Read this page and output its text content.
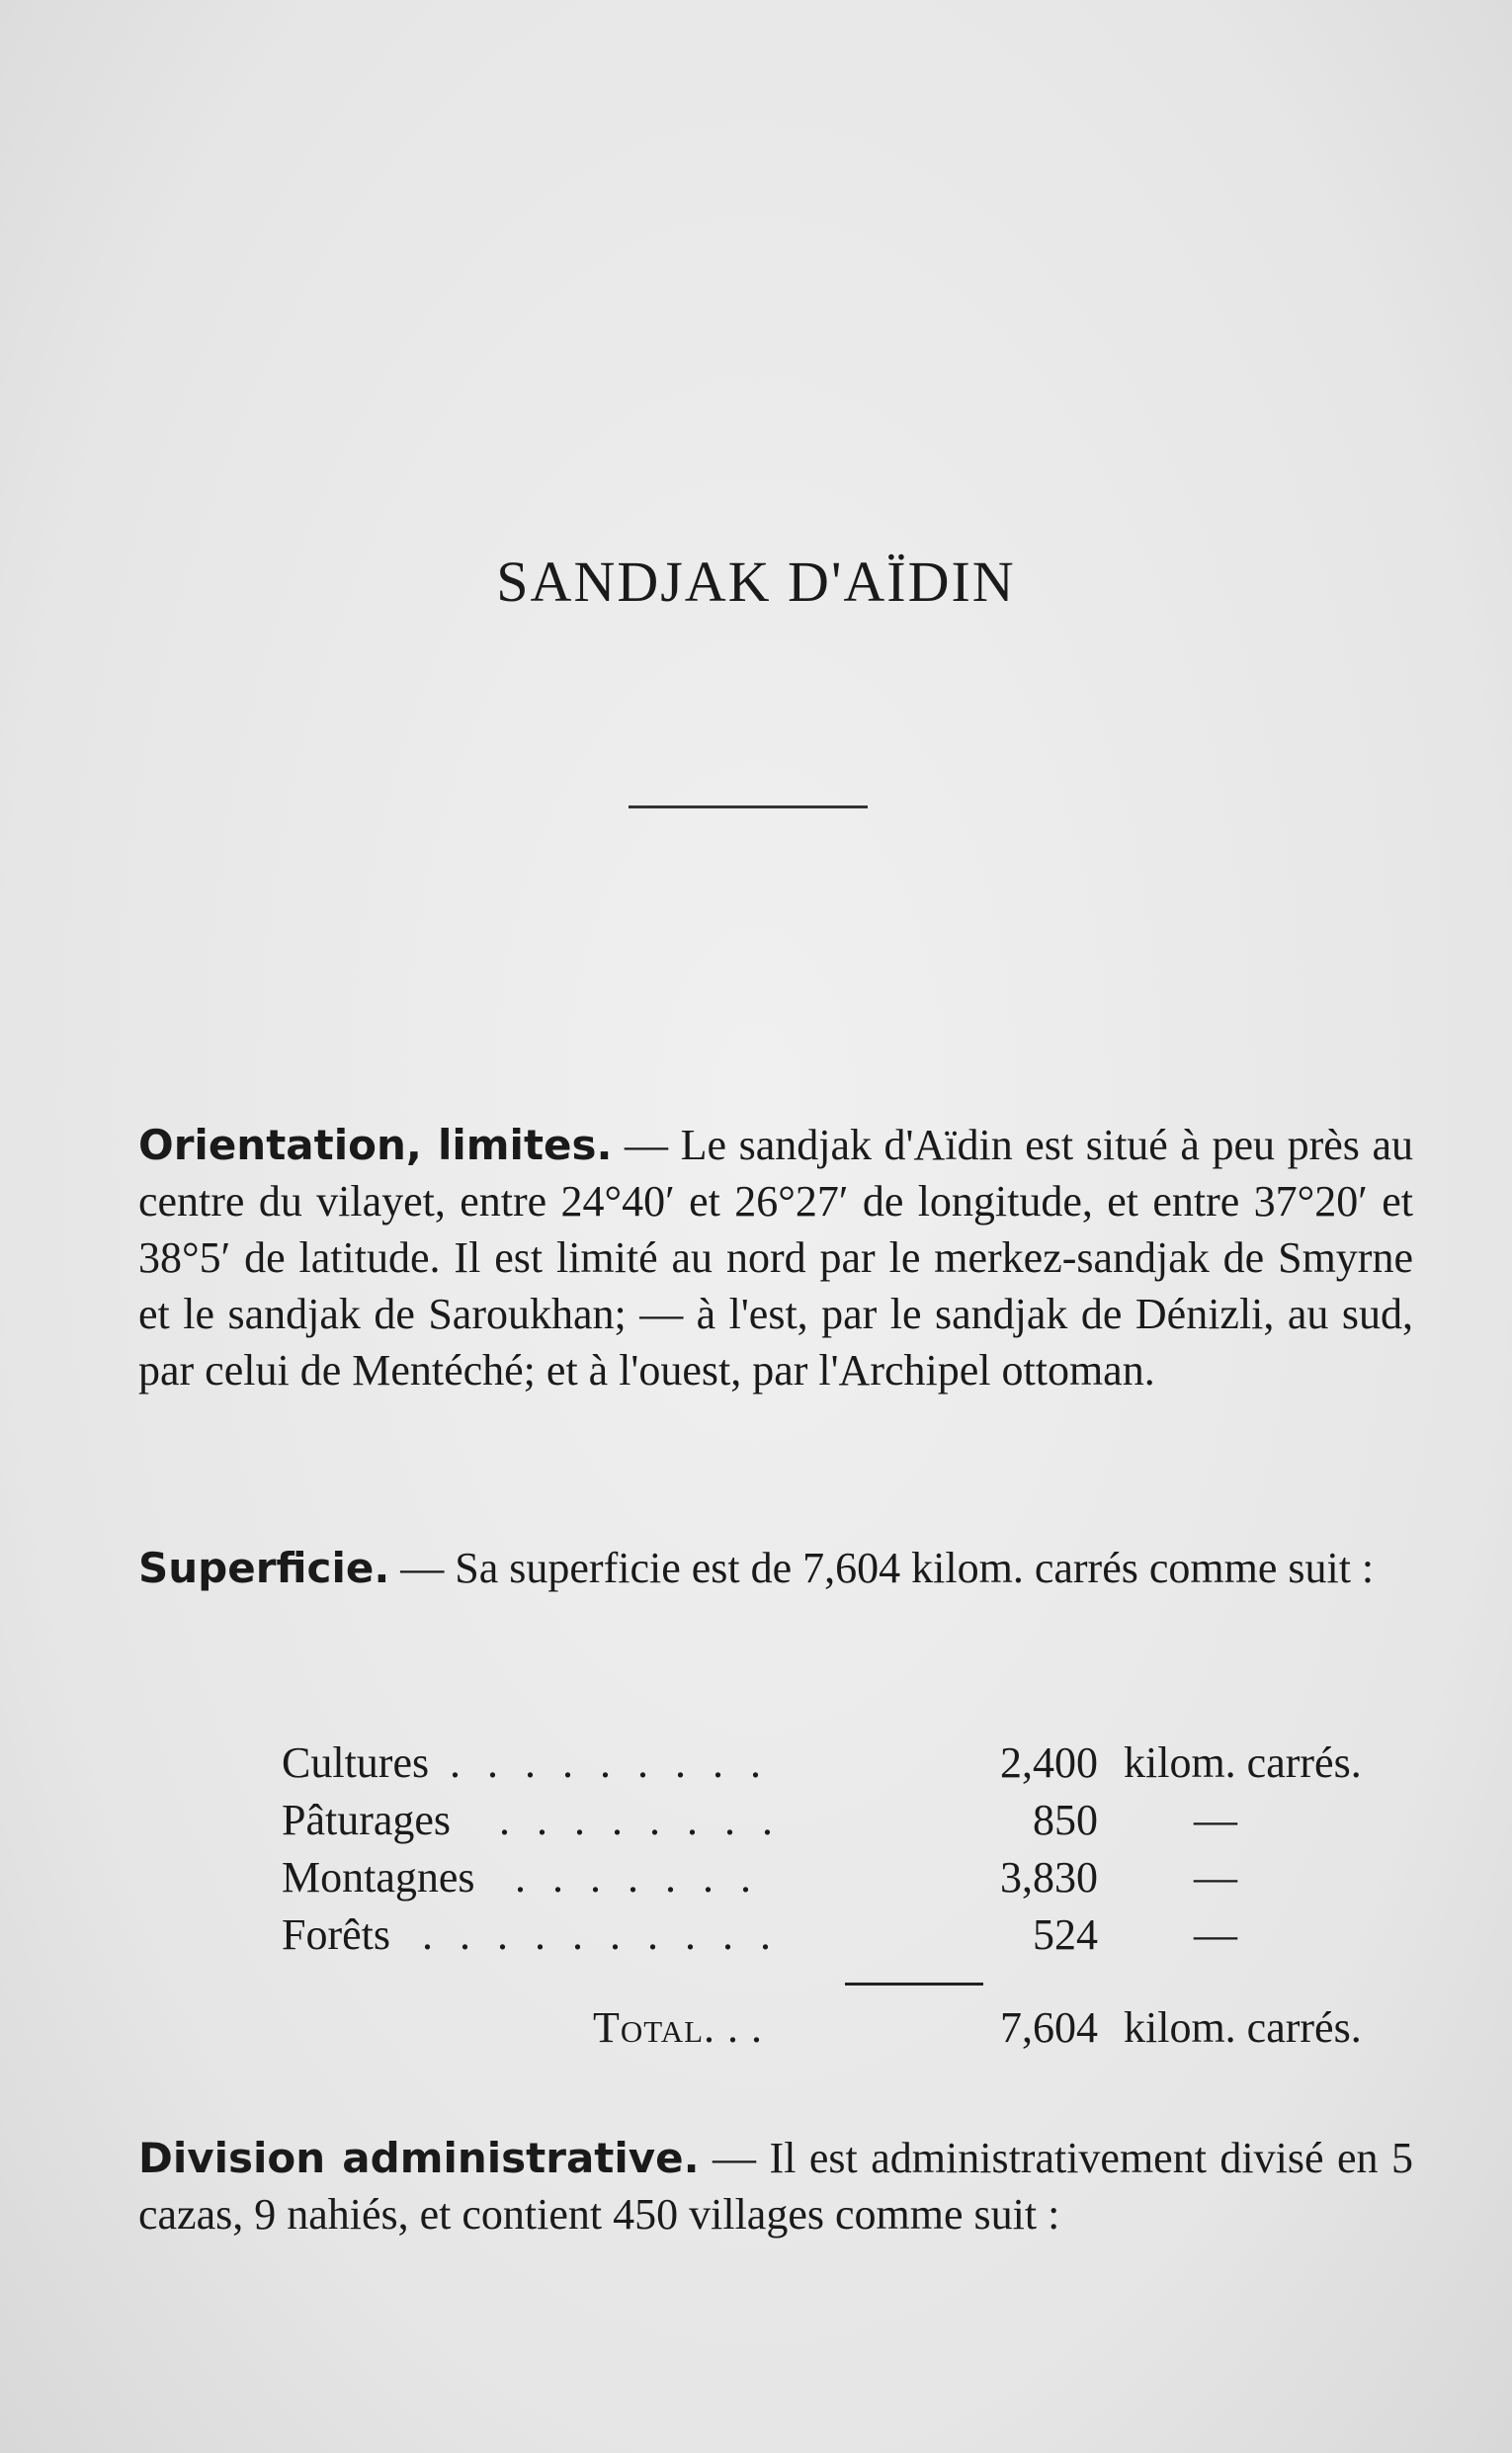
SANDJAK D'AÏDIN
Orientation, limites. — Le sandjak d'Aïdin est situé à peu près au centre du vilayet, entre 24°40′ et 26°27′ de longitude, et entre 37°20′ et 38°5′ de latitude. Il est limité au nord par le merkez-sandjak de Smyrne et le sandjak de Saroukhan; — à l'est, par le sandjak de Dénizli, au sud, par celui de Mentéché; et à l'ouest, par l'Archipel ottoman.
Superficie. — Sa superficie est de 7,604 kilom. carrés comme suit :
Cultures . . . . . . . . .	2,400 kilom. carrés.
Pâturages . . . . . . . .	850	—
Montagnes . . . . . . .	3,830	—
Forêts . . . . . . . . . .	524	—
Total. . .	7,604 kilom. carrés.
Division administrative. — Il est administrativement divisé en 5 cazas, 9 nahiés, et contient 450 villages comme suit :
